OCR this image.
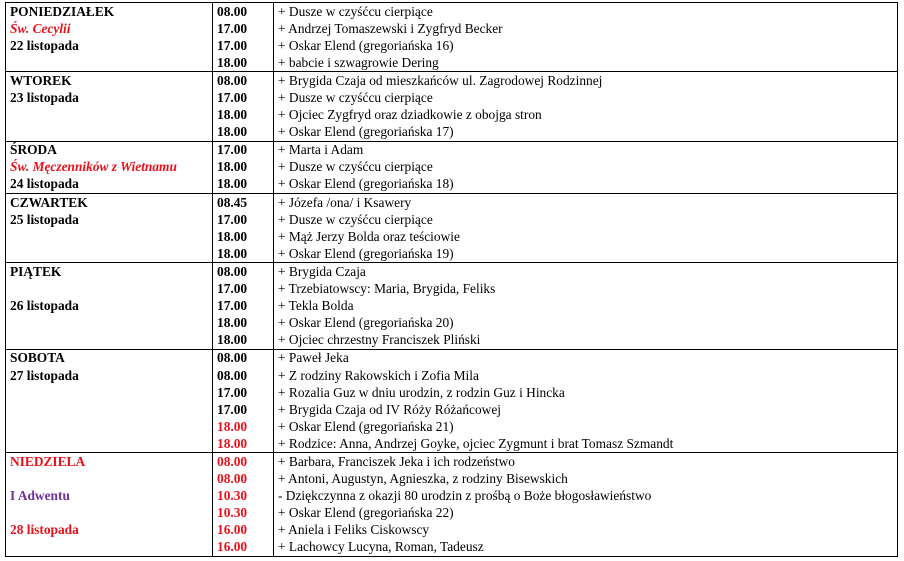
PONIEDZIAŁEK	08.00	+ Dusze w czyśćcu cierpiące
Św. Cecylii	17.00	+ Andrzej Tomaszewski i Zygfryd Becker
22 listopada	17.00	+ Oskar Elend (gregoriańska 16)
	18.00	+ babcie i szwagrowie Dering
WTOREK	08.00	+ Brygida Czaja od mieszkańców ul. Zagrodowej Rodzinnej
23 listopada	17.00	+ Dusze w czyśćcu cierpiące
	18.00	+ Ojciec Zygfryd oraz dziadkowie z obojga stron
	18.00	+ Oskar Elend (gregoriańska 17)
ŚRODA	17.00	+ Marta i Adam
Św. Męczenników z Wietnamu	18.00	+ Dusze w czyśćcu cierpiące
24 listopada	18.00	+ Oskar Elend (gregoriańska 18)
CZWARTEK	08.45	+ Józefa /ona/ i Ksawery
25 listopada	17.00	+ Dusze w czyśćcu cierpiące
	18.00	+ Mąż Jerzy Bolda oraz teściowie
	18.00	+ Oskar Elend (gregoriańska 19)
PIĄTEK	08.00	+ Brygida Czaja
	17.00	+ Trzebiatowscy: Maria, Brygida, Feliks
26 listopada	17.00	+ Tekla Bolda
	18.00	+ Oskar Elend (gregoriańska 20)
	18.00	+ Ojciec chrzestny Franciszek Pliński
SOBOTA	08.00	+ Paweł Jeka
27 listopada	08.00	+ Z rodziny Rakowskich i Zofia Mila
	17.00	+ Rozalia Guz w dniu urodzin, z rodzin Guz i Hincka
	17.00	+ Brygida Czaja od IV Róży Różańcowej
	18.00	+ Oskar Elend (gregoriańska 21)
	18.00	+ Rodzice: Anna, Andrzej Goyke, ojciec Zygmunt i brat Tomasz Szmandt
NIEDZIELA	08.00	+ Barbara, Franciszek Jeka i ich rodzeństwo
	08.00	+ Antoni, Augustyn, Agnieszka, z rodziny Bisewskich
I Adwentu	10.30	- Dziękczynna z okazji 80 urodzin z prośbą o Boże błogosławieństwo
	10.30	+ Oskar Elend (gregoriańska 22)
28 listopada	16.00	+ Aniela i Feliks Ciskowscy
	16.00	+ Lachowcy Lucyna, Roman, Tadeusz
